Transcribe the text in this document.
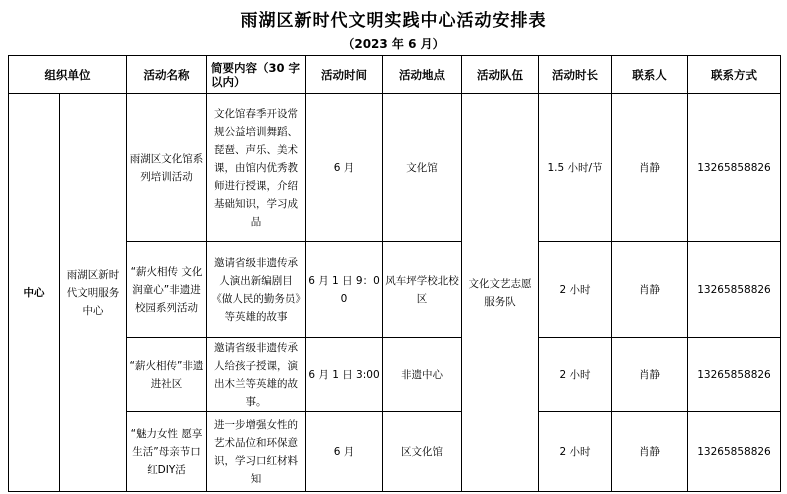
雨湖区新时代文明实践中心活动安排表
（2023 年 6 月）
组织单位		活动名称	简要内容（30 字以内）	活动时间	活动地点	活动队伍	活动时长	联系人	联系方式
中心	雨湖区新时代文明服务中心	雨湖区文化馆系列培训活动	文化馆春季开设常规公益培训舞蹈、琵琶、声乐、美术课，由馆内优秀教师进行授课，介绍基础知识，学习成品	6 月	文化馆	文化文艺志愿服务队	1.5 小时/节	肖静	13265858826
		“薪火相传 文化润童心”非遗进校园系列活动	邀请省级非遗传承人演出新编剧目《做人民的勤务员》等英雄的故事	6 月 1 日 9：00	风车坪学校北校区		2 小时	肖静	13265858826
		“薪火相传”非遗进社区	邀请省级非遗传承人给孩子授课，演出木兰等英雄的故事。	6 月 1 日 3:00	非遗中心		2 小时	肖静	13265858826
		“魅力女性 愿享生活”母亲节口红DIY活	进一步增强女性的艺术品位和环保意识，学习口红材料知	6 月	区文化馆		2 小时	肖静	13265858826
